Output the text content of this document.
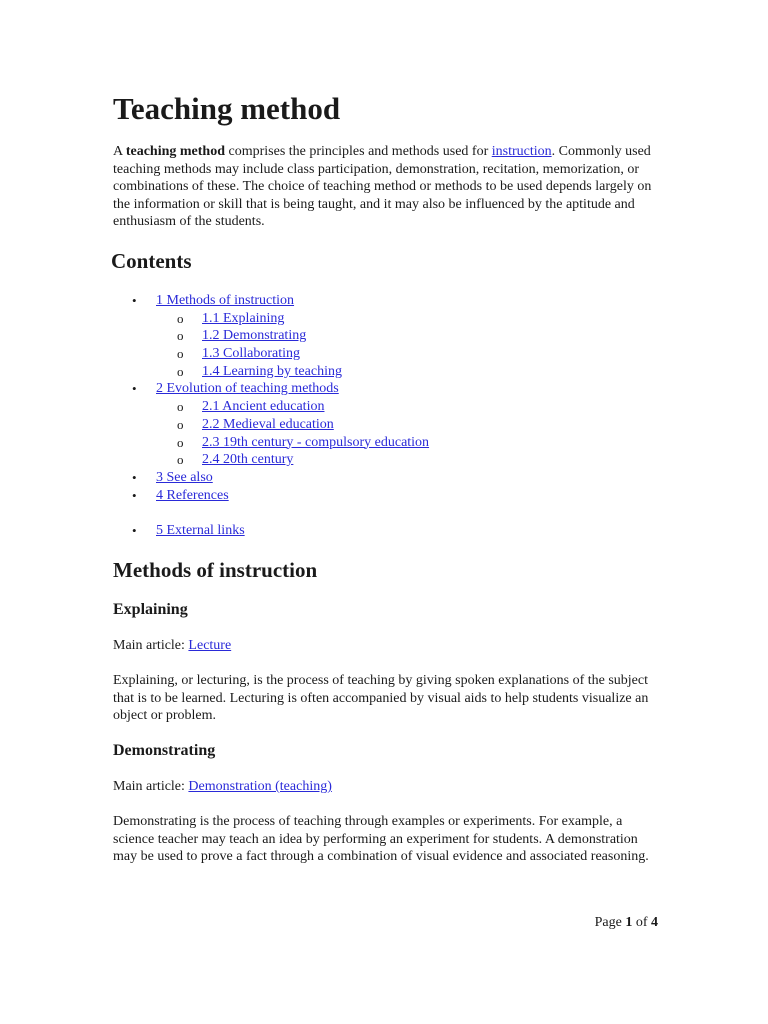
Teaching method

A teaching method comprises the principles and methods used for instruction. Commonly used teaching methods may include class participation, demonstration, recitation, memorization, or combinations of these. The choice of teaching method or methods to be used depends largely on the information or skill that is being taught, and it may also be influenced by the aptitude and enthusiasm of the students.

Contents
• 1 Methods of instruction
o 1.1 Explaining
o 1.2 Demonstrating
o 1.3 Collaborating
o 1.4 Learning by teaching
• 2 Evolution of teaching methods
o 2.1 Ancient education
o 2.2 Medieval education
o 2.3 19th century - compulsory education
o 2.4 20th century
• 3 See also
• 4 References
• 5 External links
Methods of instruction
Explaining

Main article: Lecture

Explaining, or lecturing, is the process of teaching by giving spoken explanations of the subject that is to be learned. Lecturing is often accompanied by visual aids to help students visualize an object or problem.

Demonstrating

Main article: Demonstration (teaching)

Demonstrating is the process of teaching through examples or experiments. For example, a science teacher may teach an idea by performing an experiment for students. A demonstration may be used to prove a fact through a combination of visual evidence and associated reasoning.

Page 1 of 4
